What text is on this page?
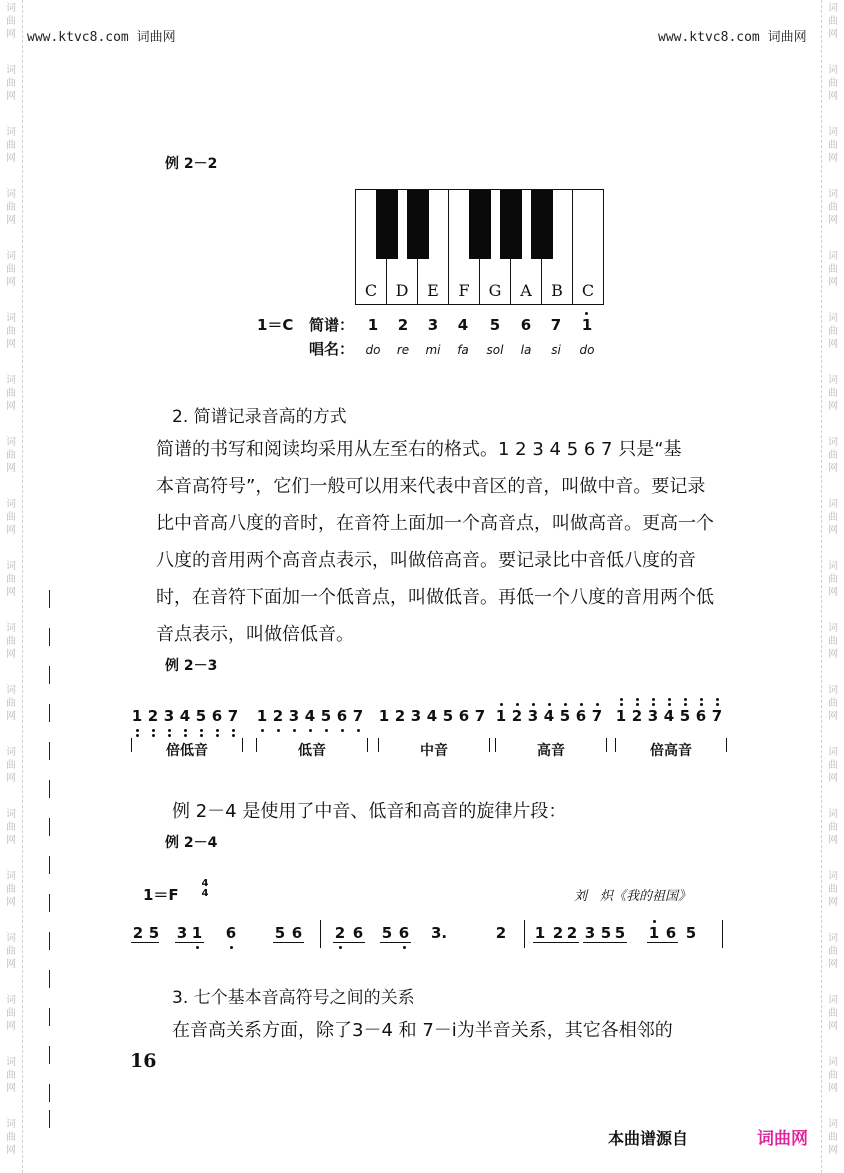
词
曲
网
词
曲
网
词
曲
网
词
曲
网
词
曲
网
词
曲
网
词
曲
网
词
曲
网
词
曲
网
词
曲
网
词
曲
网
词
曲
网
词
曲
网
词
曲
网
词
曲
网
词
曲
网
词
曲
网
词
曲
网
词
曲
网
词
曲
网
词
曲
网
词
曲
网
词
曲
网
词
曲
网
词
曲
网
词
曲
网
词
曲
网
词
曲
网
词
曲
网
词
曲
网
词
曲
网
词
曲
网
词
曲
网
词
曲
网
词
曲
网
词
曲
网
词
曲
网
词
曲
网
www.ktvc8.com 词曲网	www.ktvc8.com 词曲网
例 2－2
C	D	E	F	G	A	B	C
1＝C 简谱：
唱名：
1	2	3	4	5	6	7	1
do	re	mi	fa	sol	la	si	do
2. 简谱记录音高的方式

简谱的书写和阅读均采用从左至右的格式。1 2 3 4 5 6 7 只是“基

本音高符号”，它们一般可以用来代表中音区的音，叫做中音。要记录

比中音高八度的音时，在音符上面加一个高音点，叫做高音。更高一个

八度的音用两个高音点表示，叫做倍高音。要记录比中音低八度的音

时，在音符下面加一个低音点，叫做低音。再低一个八度的音用两个低

音点表示，叫做倍低音。

例 2－3
1 2 3 4 5 6 7
倍低音
1 2 3 4 5 6 7
低音
1 2 3 4 5 6 7
中音
1 2 3 4 5 6 7
高音
1 2 3 4 5 6 7
倍高音
例 2－4 是使用了中音、低音和高音的旋律片段：
例 2－4
1＝F
4
4	刘　炽《我的祖国》
2 5 3 1 6	5 6 2 6 5 6 3.	2 1 2 2 3 5 5 1 6 5
3. 七个基本音高符号之间的关系
在音高关系方面，除了3－4 和 7－i为半音关系，其它各相邻的
16
本曲谱源自	词曲网
